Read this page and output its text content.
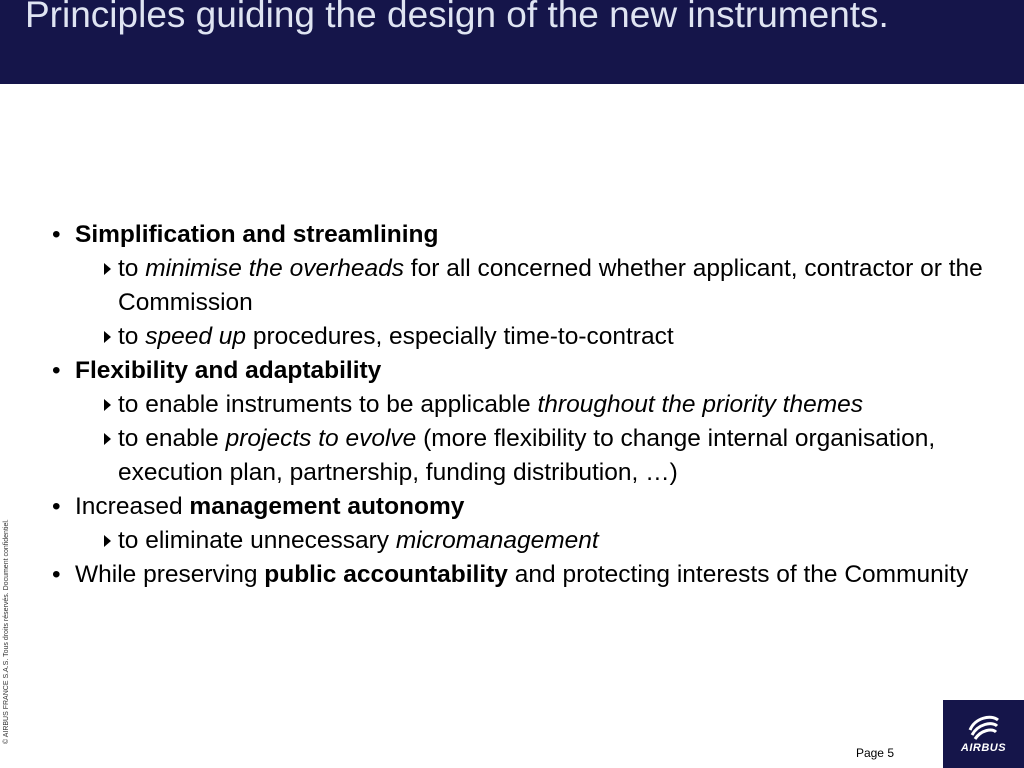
Principles guiding the design of the new instruments.
• Simplification and streamlining
to minimise the overheads for all concerned whether applicant, contractor or the Commission
to speed up procedures, especially time-to-contract
• Flexibility and adaptability
to enable instruments to be applicable throughout the priority themes
to enable projects to evolve (more flexibility to change internal organisation, execution plan, partnership, funding distribution, …)
• Increased management autonomy
to eliminate unnecessary micromanagement
• While preserving public accountability and protecting interests of the Community
© AIRBUS FRANCE S.A.S. Tous droits réservés. Document confidentiel.
Page 5	AIRBUS
